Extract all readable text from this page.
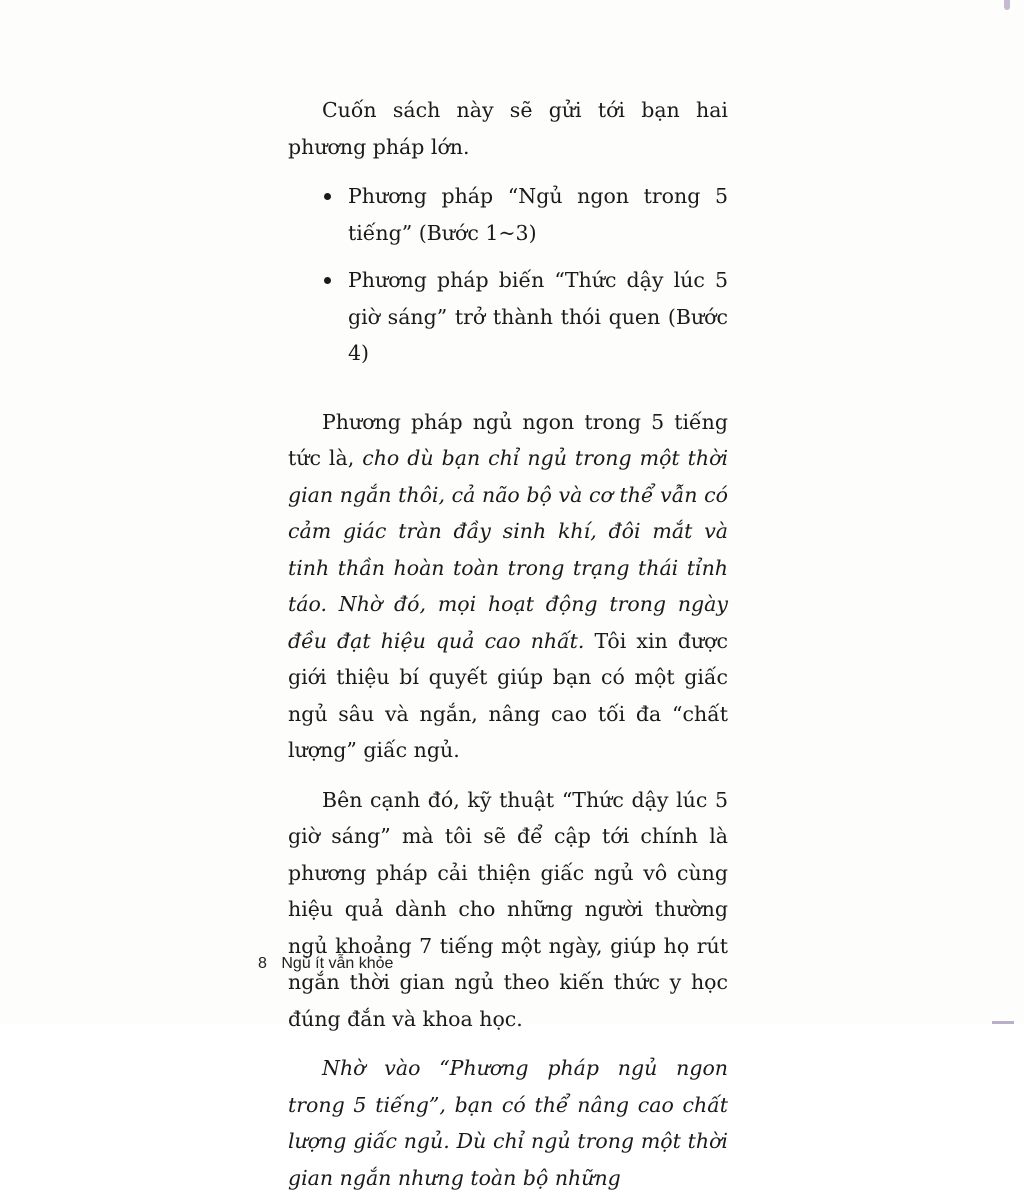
Cuốn sách này sẽ gửi tới bạn hai phương pháp lớn.

Phương pháp “Ngủ ngon trong 5 tiếng” (Bước 1~3)
Phương pháp biến “Thức dậy lúc 5 giờ sáng” trở thành thói quen (Bước 4)

Phương pháp ngủ ngon trong 5 tiếng tức là, cho dù bạn chỉ ngủ trong một thời gian ngắn thôi, cả não bộ và cơ thể vẫn có cảm giác tràn đầy sinh khí, đôi mắt và tinh thần hoàn toàn trong trạng thái tỉnh táo. Nhờ đó, mọi hoạt động trong ngày đều đạt hiệu quả cao nhất. Tôi xin được giới thiệu bí quyết giúp bạn có một giấc ngủ sâu và ngắn, nâng cao tối đa “chất lượng” giấc ngủ.

Bên cạnh đó, kỹ thuật “Thức dậy lúc 5 giờ sáng” mà tôi sẽ để cập tới chính là phương pháp cải thiện giấc ngủ vô cùng hiệu quả dành cho những người thường ngủ khoảng 7 tiếng một ngày, giúp họ rút ngắn thời gian ngủ theo kiến thức y học đúng đắn và khoa học.

Nhờ vào “Phương pháp ngủ ngon trong 5 tiếng”, bạn có thể nâng cao chất lượng giấc ngủ. Dù chỉ ngủ trong một thời gian ngắn nhưng toàn bộ những

8 Ngủ ít vẫn khỏe
